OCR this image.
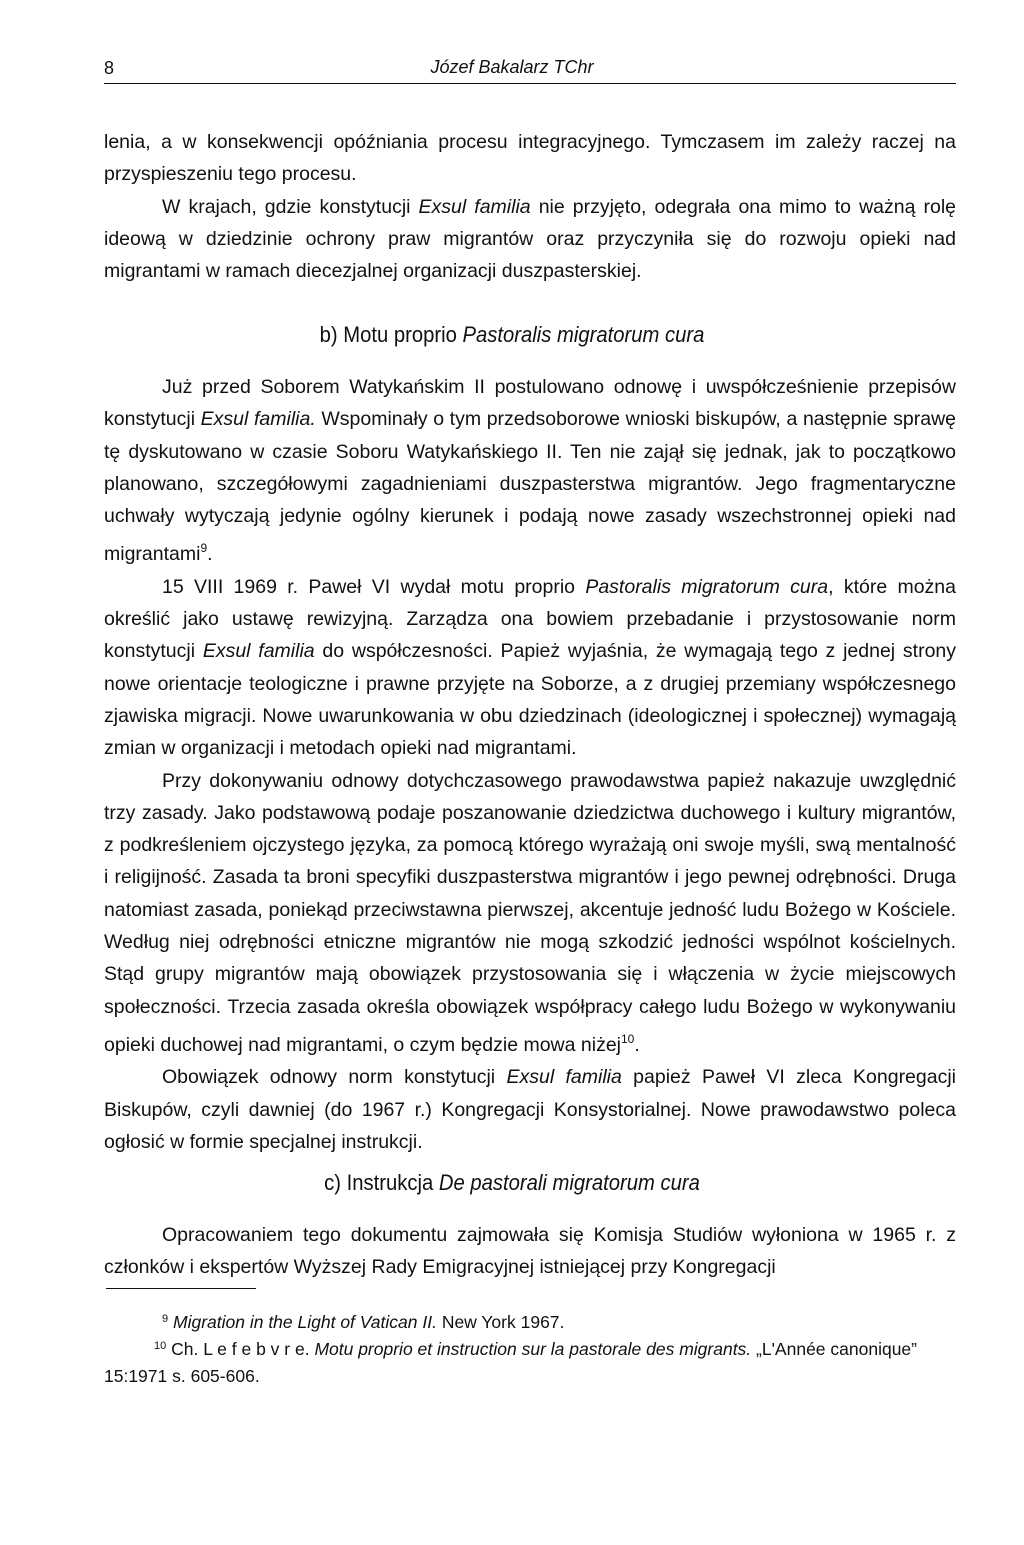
8	Józef Bakalarz TChr

lenia, a w konsekwencji opóźniania procesu integracyjnego. Tymczasem im zależy raczej na przyspieszeniu tego procesu.

W krajach, gdzie konstytucji Exsul familia nie przyjęto, odegrała ona mimo to ważną rolę ideową w dziedzinie ochrony praw migrantów oraz przyczyniła się do rozwoju opieki nad migrantami w ramach diecezjalnej organizacji duszpasterskiej.

b) Motu proprio Pastoralis migratorum cura

Już przed Soborem Watykańskim II postulowano odnowę i uwspółcześnienie przepisów konstytucji Exsul familia. Wspominały o tym przedsoborowe wnioski biskupów, a następnie sprawę tę dyskutowano w czasie Soboru Watykańskiego II. Ten nie zajął się jednak, jak to początkowo planowano, szczegółowymi zagadnieniami duszpasterstwa migrantów. Jego fragmentaryczne uchwały wytyczają jedynie ogólny kierunek i podają nowe zasady wszechstronnej opieki nad migrantami$^9$.

15 VIII 1969 r. Paweł VI wydał motu proprio Pastoralis migratorum cura, które można określić jako ustawę rewizyjną. Zarządza ona bowiem przebadanie i przystosowanie norm konstytucji Exsul familia do współczesności. Papież wyjaśnia, że wymagają tego z jednej strony nowe orientacje teologiczne i prawne przyjęte na Soborze, a z drugiej przemiany współczesnego zjawiska migracji. Nowe uwarunkowania w obu dziedzinach (ideologicznej i społecznej) wymagają zmian w organizacji i metodach opieki nad migrantami.

Przy dokonywaniu odnowy dotychczasowego prawodawstwa papież nakazuje uwzględnić trzy zasady. Jako podstawową podaje poszanowanie dziedzictwa duchowego i kultury migrantów, z podkreśleniem ojczystego języka, za pomocą którego wyrażają oni swoje myśli, swą mentalność i religijność. Zasada ta broni specyfiki duszpasterstwa migrantów i jego pewnej odrębności. Druga natomiast zasada, poniekąd przeciwstawna pierwszej, akcentuje jedność ludu Bożego w Kościele. Według niej odrębności etniczne migrantów nie mogą szkodzić jedności wspólnot kościelnych. Stąd grupy migrantów mają obowiązek przystosowania się i włączenia w życie miejscowych społeczności. Trzecia zasada określa obowiązek współpracy całego ludu Bożego w wykonywaniu opieki duchowej nad migrantami, o czym będzie mowa niżej$^{10}$.

Obowiązek odnowy norm konstytucji Exsul familia papież Paweł VI zleca Kongregacji Biskupów, czyli dawniej (do 1967 r.) Kongregacji Konsystorialnej. Nowe prawodawstwo poleca ogłosić w formie specjalnej instrukcji.

c) Instrukcja De pastorali migratorum cura

Opracowaniem tego dokumentu zajmowała się Komisja Studiów wyłoniona w 1965 r. z członków i ekspertów Wyższej Rady Emigracyjnej istniejącej przy Kongregacji

$^9$ Migration in the Light of Vatican II. New York 1967.
$^{10}$ Ch. L e f e b v r e. Motu proprio et instruction sur la pastorale des migrants. „L'Année canonique” 15:1971 s. 605-606.
